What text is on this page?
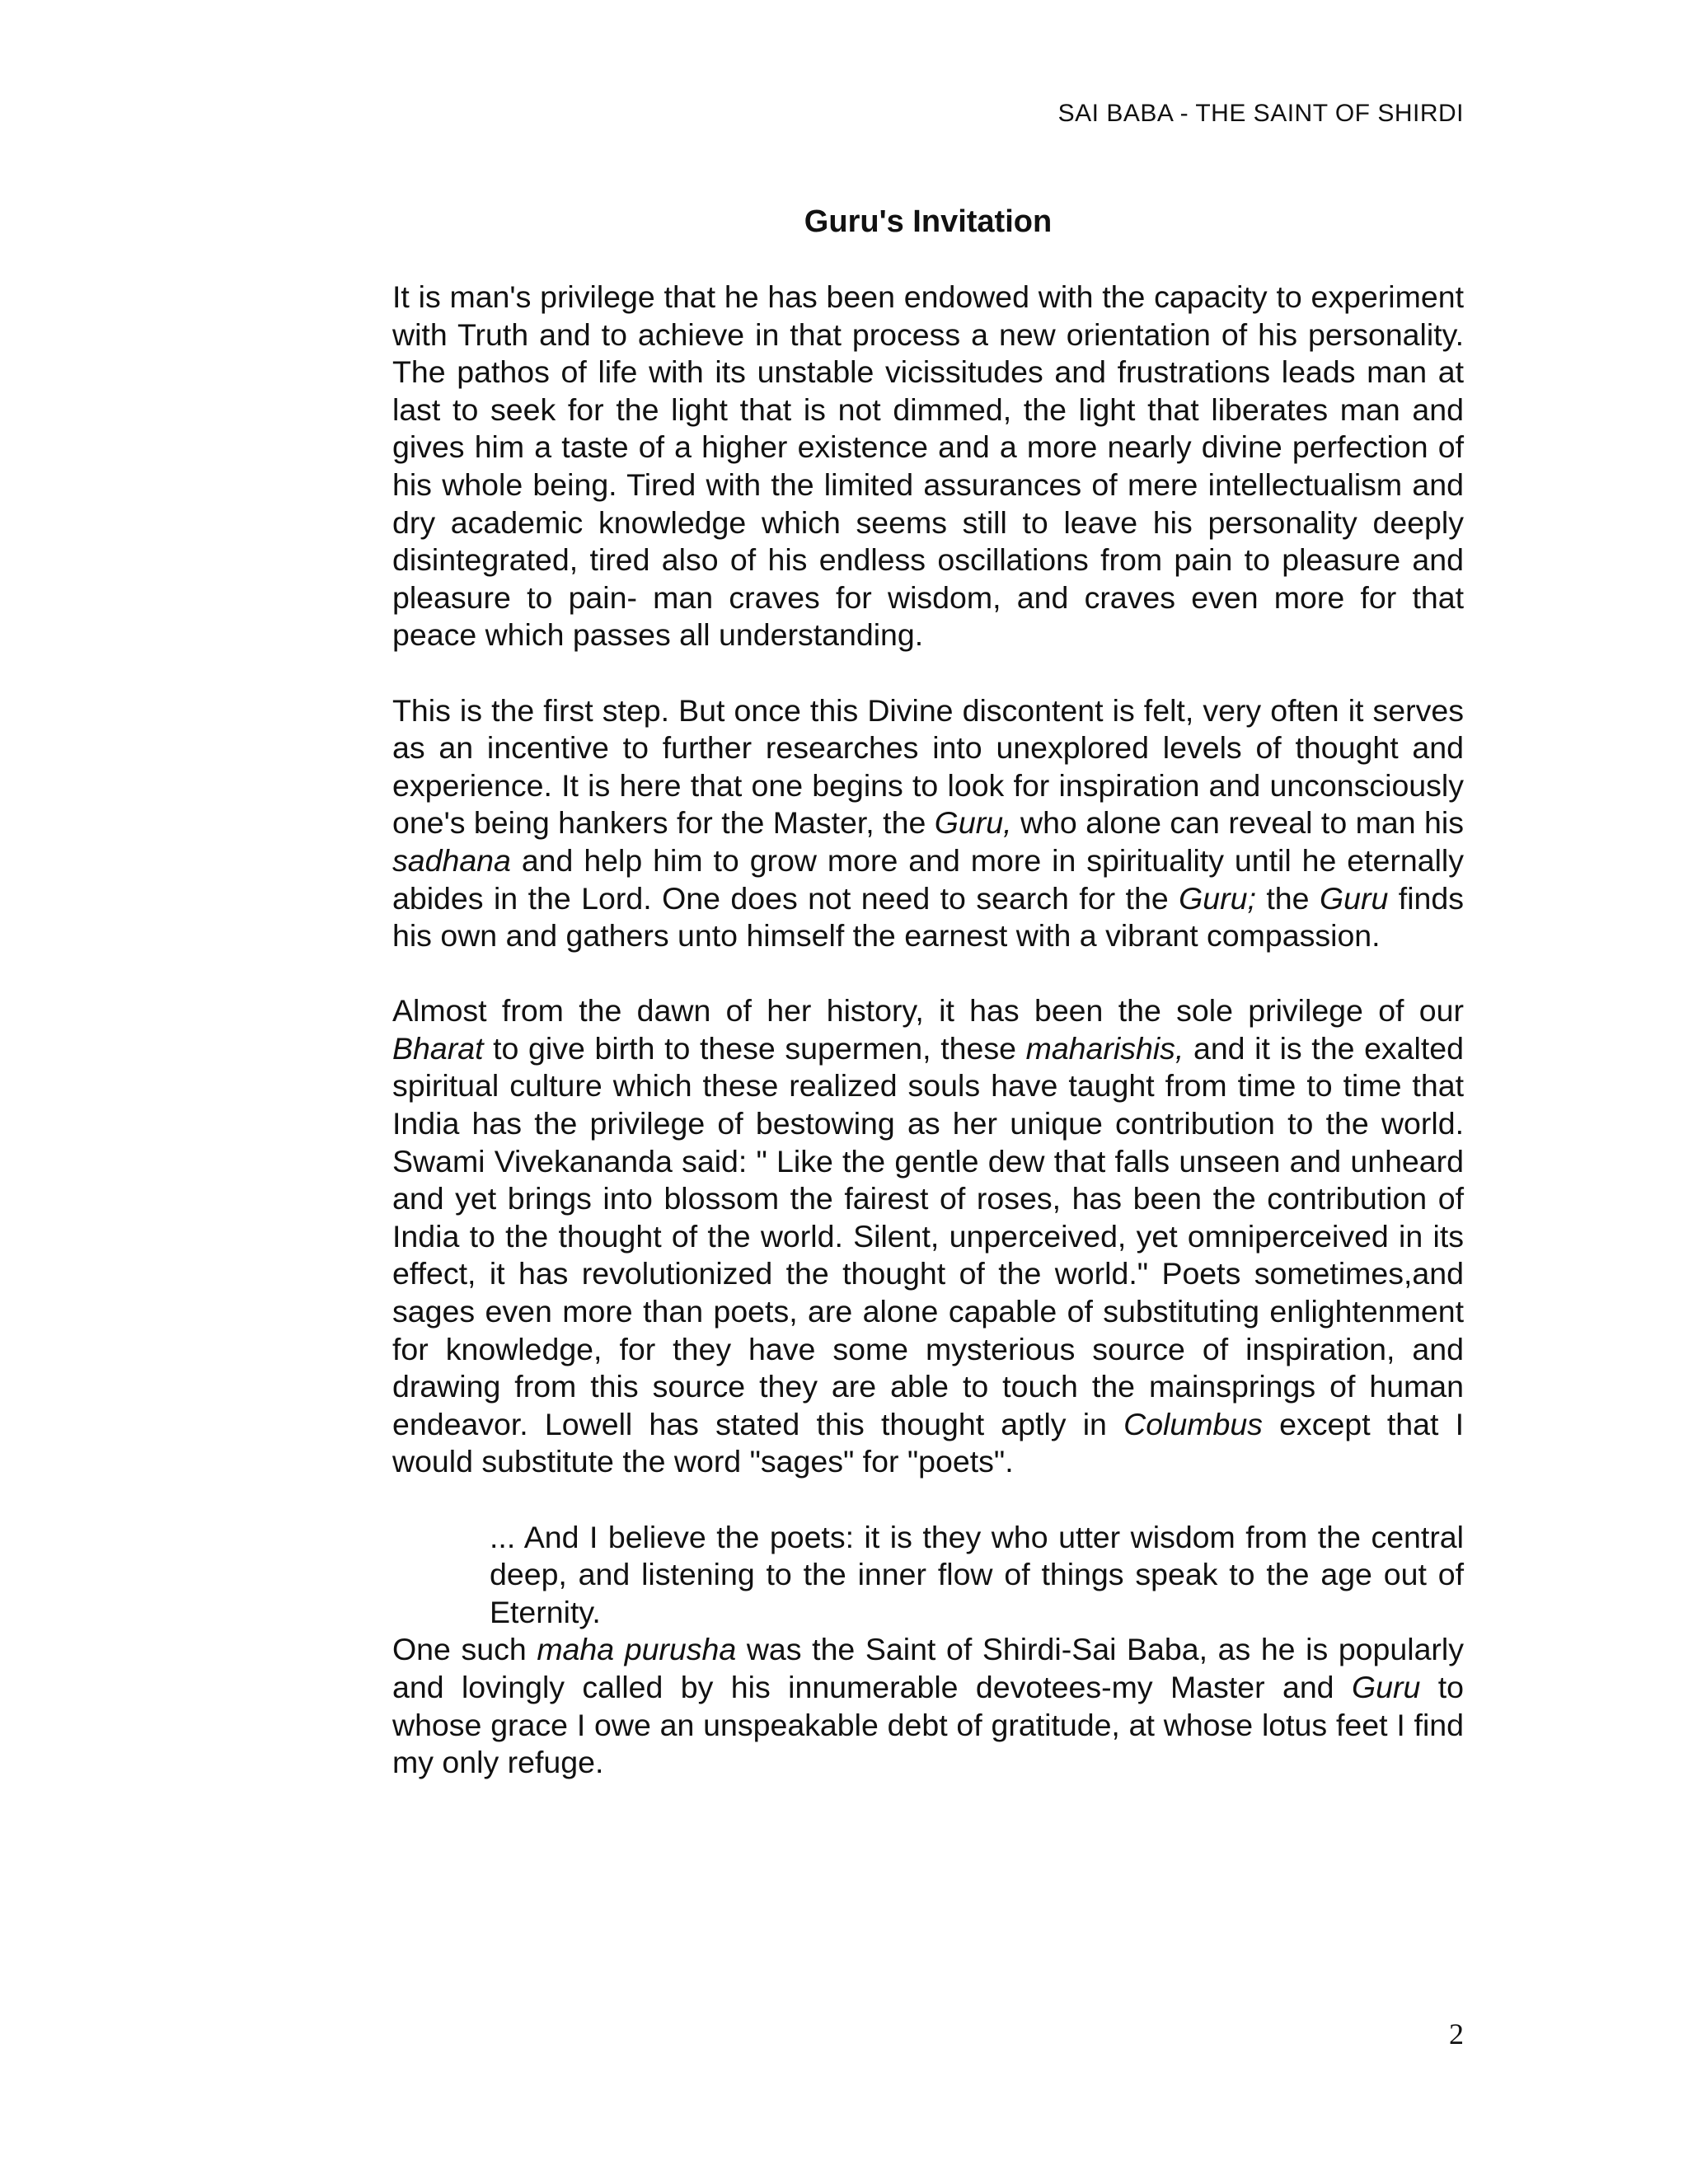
SAI BABA - THE SAINT OF SHIRDI
Guru's Invitation

It is man's privilege that he has been endowed with the capacity to experiment with Truth and to achieve in that process a new orientation of his personality. The pathos of life with its unstable vicissitudes and frustrations leads man at last to seek for the light that is not dimmed, the light that liberates man and gives him a taste of a higher existence and a more nearly divine perfection of his whole being. Tired with the limited assurances of mere intellectualism and dry academic knowledge which seems still to leave his personality deeply disintegrated, tired also of his endless oscillations from pain to pleasure and pleasure to pain- man craves for wisdom, and craves even more for that peace which passes all understanding.

This is the first step. But once this Divine discontent is felt, very often it serves as an incentive to further researches into unexplored levels of thought and experience. It is here that one begins to look for inspiration and unconsciously one's being hankers for the Master, the Guru, who alone can reveal to man his sadhana and help him to grow more and more in spirituality until he eternally abides in the Lord. One does not need to search for the Guru; the Guru finds his own and gathers unto himself the earnest with a vibrant compassion.

Almost from the dawn of her history, it has been the sole privilege of our Bharat to give birth to these supermen, these maharishis, and it is the exalted spiritual culture which these realized souls have taught from time to time that India has the privilege of bestowing as her unique contribution to the world. Swami Vivekananda said: " Like the gentle dew that falls unseen and unheard and yet brings into blossom the fairest of roses, has been the contribution of India to the thought of the world. Silent, unperceived, yet omniperceived in its effect, it has revolutionized the thought of the world." Poets sometimes,and sages even more than poets, are alone capable of substituting enlightenment for knowledge, for they have some mysterious source of inspiration, and drawing from this source they are able to touch the mainsprings of human endeavor. Lowell has stated this thought aptly in Columbus except that I would substitute the word "sages" for "poets".

... And I believe the poets: it is they who utter wisdom from the central deep, and listening to the inner flow of things speak to the age out of Eternity.

One such maha purusha was the Saint of Shirdi-Sai Baba, as he is popularly and lovingly called by his innumerable devotees-my Master and Guru to whose grace I owe an unspeakable debt of gratitude, at whose lotus feet I find my only refuge.

2
